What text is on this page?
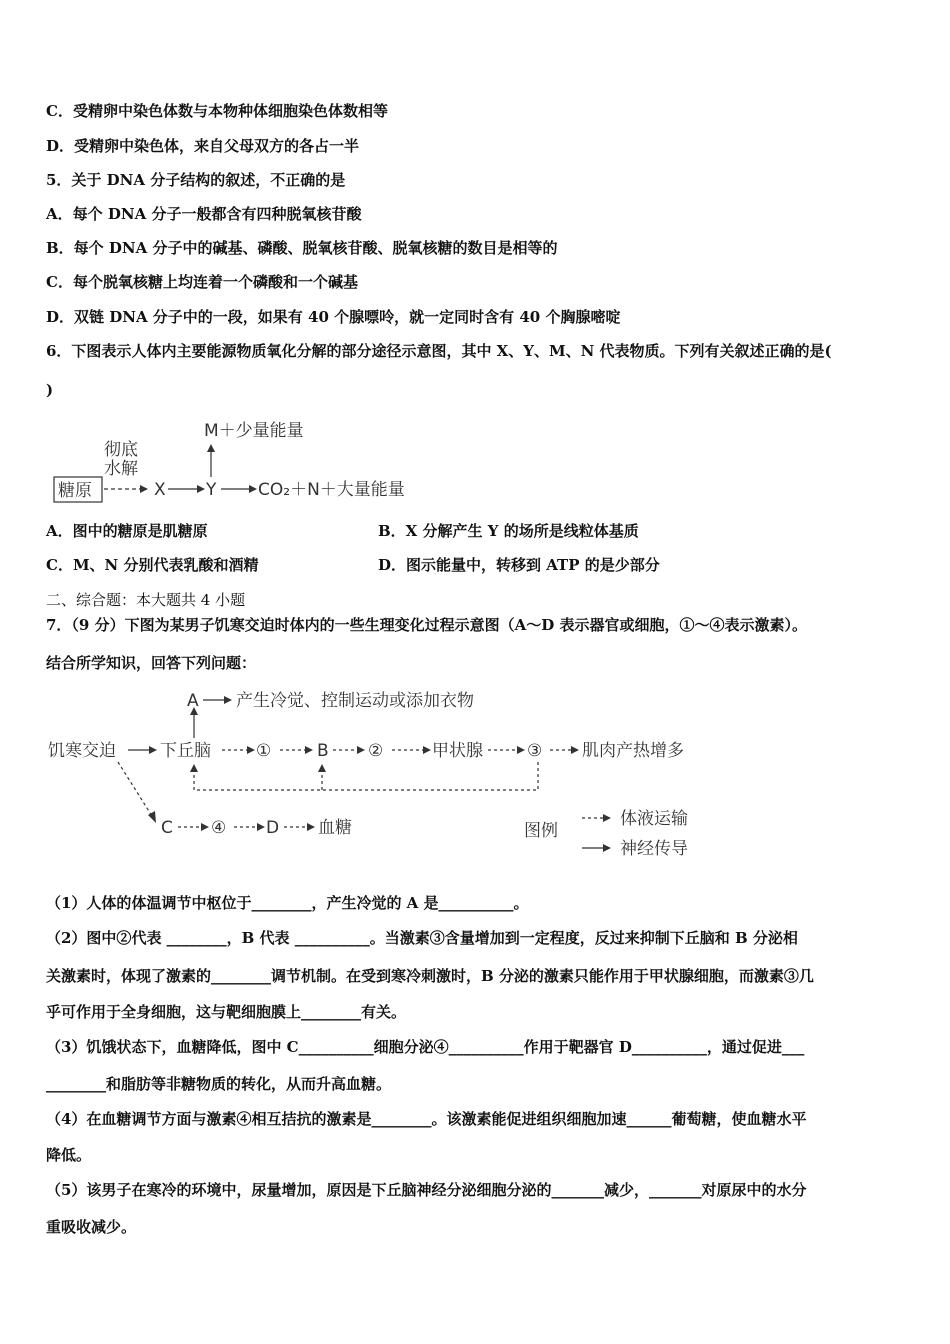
C．受精卵中染色体数与本物种体细胞染色体数相等
D．受精卵中染色体，来自父母双方的各占一半
5．关于 DNA 分子结构的叙述，不正确的是
A．每个 DNA 分子一般都含有四种脱氧核苷酸
B．每个 DNA 分子中的碱基、磷酸、脱氧核苷酸、脱氧核糖的数目是相等的
C．每个脱氧核糖上均连着一个磷酸和一个碱基
D．双链 DNA 分子中的一段，如果有 40 个腺嘌呤，就一定同时含有 40 个胸腺嘧啶
6．下图表示人体内主要能源物质氧化分解的部分途径示意图，其中 X、Y、M、N 代表物质。下列有关叙述正确的是(
)
糖原
彻底
水解
X Y
M＋少量能量
CO₂＋N＋大量能量
A．图中的糖原是肌糖原	B．X 分解产生 Y 的场所是线粒体基质
C．M、N 分别代表乳酸和酒精	D．图示能量中，转移到 ATP 的是少部分
二、综合题：本大题共 4 小题
7．（9 分）下图为某男子饥寒交迫时体内的一些生理变化过程示意图（A～D 表示器官或细胞，①～④表示激素）。
结合所学知识，回答下列问题：
饥寒交迫	下丘脑
A 产生冷觉、控制运动或添加衣物
①	B ②	甲状腺	③ 肌肉产热增多
C ④ D 血糖	图例
体液运输
神经传导
（1）人体的体温调节中枢位于________，产生冷觉的 A 是__________。
（2）图中②代表 ________，B 代表 __________。当激素③含量增加到一定程度，反过来抑制下丘脑和 B 分泌相
关激素时，体现了激素的________调节机制。在受到寒冷刺激时，B 分泌的激素只能作用于甲状腺细胞，而激素③几
乎可作用于全身细胞，这与靶细胞膜上________有关。
（3）饥饿状态下，血糖降低，图中 C__________细胞分泌④__________作用于靶器官 D__________，通过促进___
________和脂肪等非糖物质的转化，从而升高血糖。
（4）在血糖调节方面与激素④相互拮抗的激素是________。该激素能促进组织细胞加速______葡萄糖，使血糖水平
降低。
（5）该男子在寒冷的环境中，尿量增加，原因是下丘脑神经分泌细胞分泌的_______减少，_______对原尿中的水分
重吸收减少。
